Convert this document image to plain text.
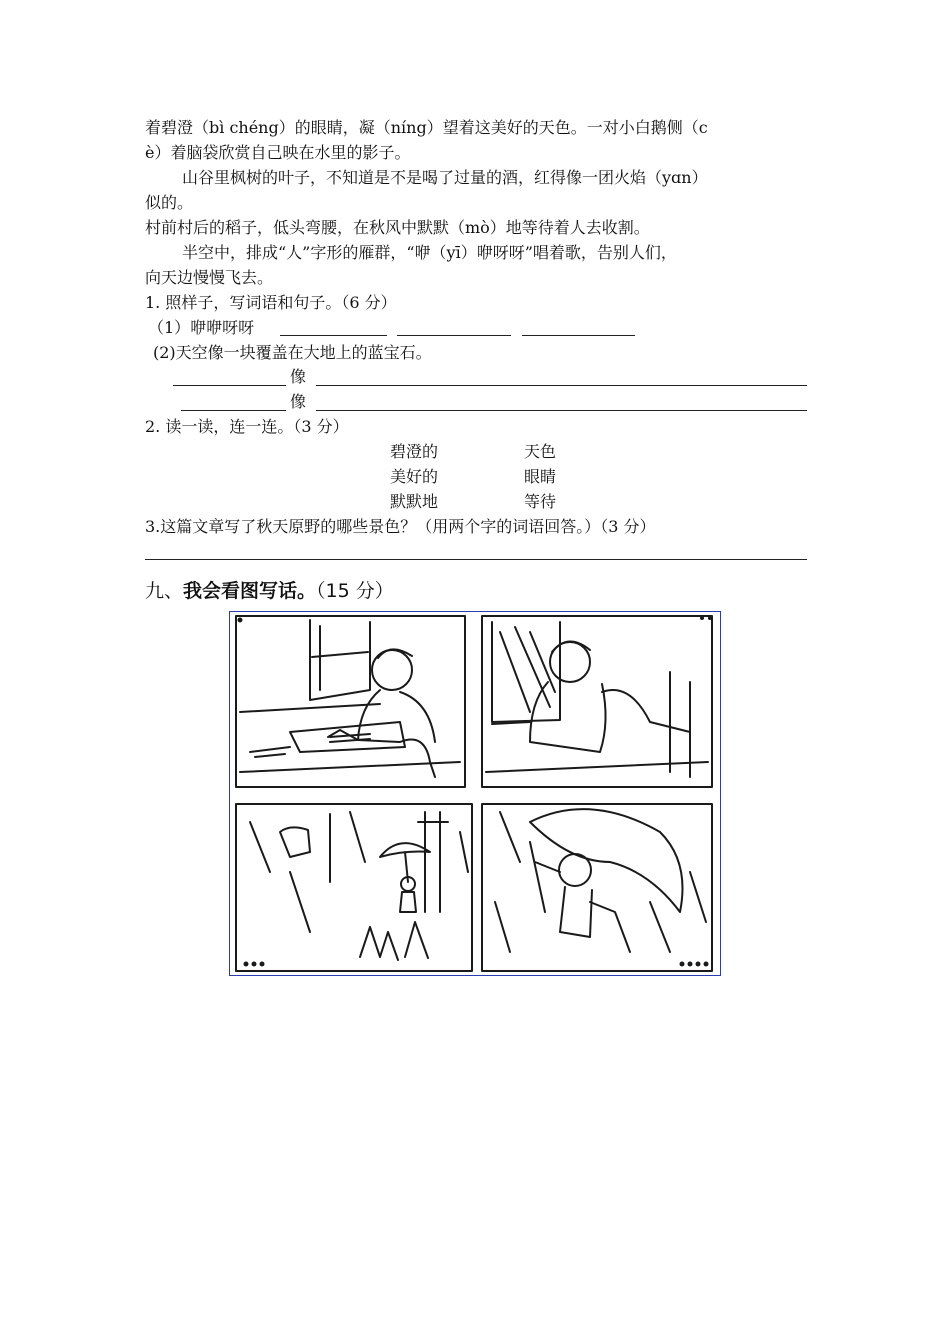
着碧澄（bì chéng）的眼睛，凝（níng）望着这美好的天色。一对小白鹅侧（c
è）着脑袋欣赏自己映在水里的影子。
山谷里枫树的叶子，不知道是不是喝了过量的酒，红得像一团火焰（yɑn）
似的。
村前村后的稻子，低头弯腰，在秋风中默默（mò）地等待着人去收割。
半空中，排成“人”字形的雁群，“咿（yī）咿呀呀”唱着歌，告别人们，
向天边慢慢飞去。
1. 照样子，写词语和句子。（6 分）
（1）咿咿呀呀
(2)天空像一块覆盖在大地上的蓝宝石。
像
像
2. 读一读，连一连。（3 分）
碧澄的
美好的
默默地
天色
眼睛
等待
3.这篇文章写了秋天原野的哪些景色？（用两个字的词语回答。）（3 分）
九、我会看图写话。（15 分）
